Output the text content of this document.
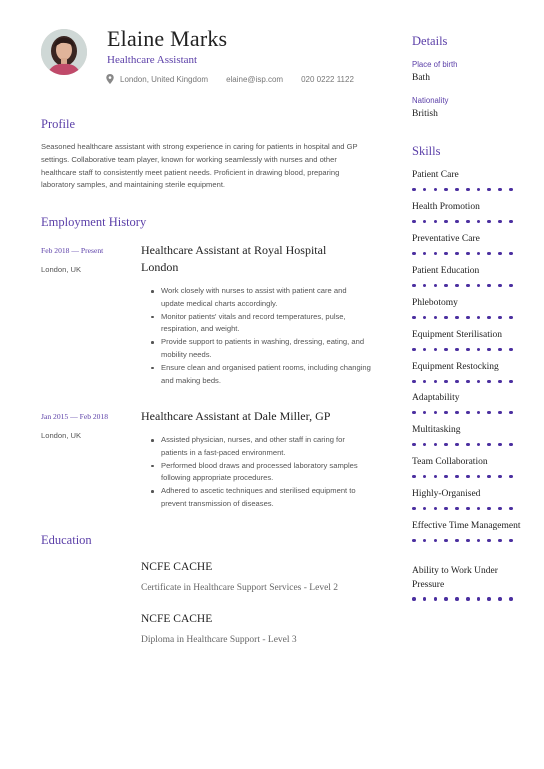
Elaine Marks
Healthcare Assistant
London, United Kingdom elaine@isp.com 020 0222 1122
Profile
Seasoned healthcare assistant with strong experience in caring for patients in hospital and GP settings. Collaborative team player, known for working seamlessly with nurses and other healthcare staff to consistently meet patient needs. Proficient in drawing blood, preparing laboratory samples, and maintaining sterile equipment.
Employment History
Feb 2018 — Present
London, UK
Healthcare Assistant at Royal Hospital London
Work closely with nurses to assist with patient care and update medical charts accordingly.
Monitor patients' vitals and record temperatures, pulse, respiration, and weight.
Provide support to patients in washing, dressing, eating, and mobility needs.
Ensure clean and organised patient rooms, including changing and making beds.
Jan 2015 — Feb 2018
London, UK
Healthcare Assistant at Dale Miller, GP
Assisted physician, nurses, and other staff in caring for patients in a fast-paced environment.
Performed blood draws and processed laboratory samples following appropriate procedures.
Adhered to ascetic techniques and sterilised equipment to prevent transmission of diseases.
Education
NCFE CACHE
Certificate in Healthcare Support Services - Level 2
NCFE CACHE
Diploma in Healthcare Support - Level 3
Details
Place of birth
Bath
Nationality
British
Skills
Patient Care
Health Promotion
Preventative Care
Patient Education
Phlebotomy
Equipment Sterilisation
Equipment Restocking
Adaptability
Multitasking
Team Collaboration
Highly-Organised
Effective Time Management
Ability to Work Under Pressure
